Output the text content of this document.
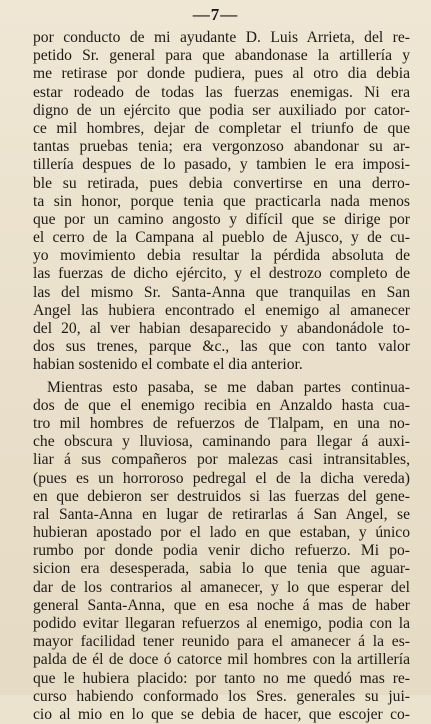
—7—
por conducto de mi ayudante D. Luis Arrieta, del re-
petido Sr. general para que abandonase la artillería y
me retirase por donde pudiera, pues al otro dia debia
estar rodeado de todas las fuerzas enemigas. Ni era
digno de un ejército que podia ser auxiliado por cator-
ce mil hombres, dejar de completar el triunfo de que
tantas pruebas tenia; era vergonzoso abandonar su ar-
tillería despues de lo pasado, y tambien le era imposi-
ble su retirada, pues debia convertirse en una derro-
ta sin honor, porque tenia que practicarla nada menos
que por un camino angosto y difícil que se dirige por
el cerro de la Campana al pueblo de Ajusco, y de cu-
yo movimiento debia resultar la pérdida absoluta de
las fuerzas de dicho ejército, y el destrozo completo de
las del mismo Sr. Santa-Anna que tranquilas en San
Angel las hubiera encontrado el enemigo al amanecer
del 20, al ver habian desaparecido y abandonádole to-
dos sus trenes, parque &c., las que con tanto valor
habian sostenido el combate el dia anterior.
Mientras esto pasaba, se me daban partes continua-
dos de que el enemigo recibia en Anzaldo hasta cua-
tro mil hombres de refuerzos de Tlalpam, en una no-
che obscura y lluviosa, caminando para llegar á auxi-
liar á sus compañeros por malezas casi intransitables,
(pues es un horroroso pedregal el de la dicha vereda)
en que debieron ser destruidos si las fuerzas del gene-
ral Santa-Anna en lugar de retirarlas á San Angel, se
hubieran apostado por el lado en que estaban, y único
rumbo por donde podia venir dicho refuerzo. Mi po-
sicion era desesperada, sabia lo que tenia que aguar-
dar de los contrarios al amanecer, y lo que esperar del
general Santa-Anna, que en esa noche á mas de haber
podido evitar llegaran refuerzos al enemigo, podia con la
mayor facilidad tener reunido para el amanecer á la es-
palda de él de doce ó catorce mil hombres con la artillería
que le hubiera placido: por tanto no me quedó mas re-
curso habiendo conformado los Sres. generales su jui-
cio al mio en lo que se debia de hacer, que escojer co-
